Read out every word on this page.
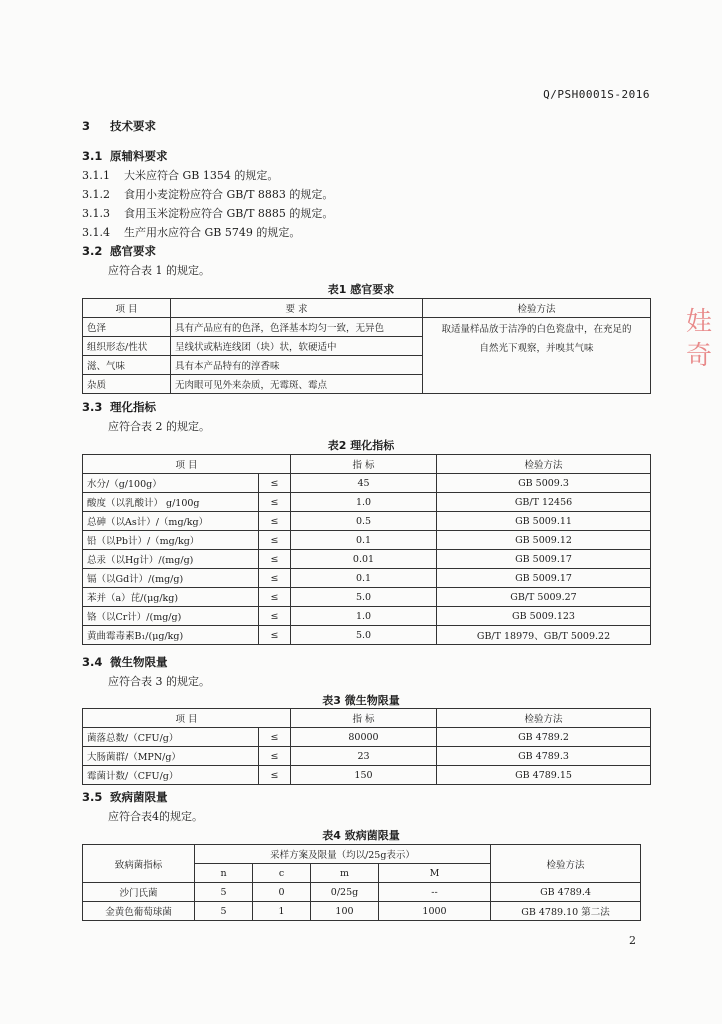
Q/PSH0001S-2016
娃
奇
3 技术要求
3.1 原辅料要求
3.1.1 大米应符合 GB 1354 的规定。
3.1.2 食用小麦淀粉应符合 GB/T 8883 的规定。
3.1.3 食用玉米淀粉应符合 GB/T 8885 的规定。
3.1.4 生产用水应符合 GB 5749 的规定。
3.2 感官要求
应符合表 1 的规定。
表1 感官要求
项 目	要 求	检验方法
色泽	具有产品应有的色泽，色泽基本均匀一致，无异色	取适量样品放于洁净的白色瓷盘中，在充足的
自然光下观察，并嗅其气味

组织形态/性状	呈线状或粘连线团（块）状，软硬适中	
滋、气味	具有本产品特有的淳香味	
杂质	无肉眼可见外来杂质，无霉斑、霉点	
3.3 理化指标
应符合表 2 的规定。
表2 理化指标
项 目		指 标	检验方法
水分/（g/100g）	≤	45	GB 5009.3
酸度（以乳酸计） g/100g	≤	1.0	GB/T 12456
总砷（以As计）/（mg/kg）	≤	0.5	GB 5009.11
铅（以Pb计）/（mg/kg）	≤	0.1	GB 5009.12
总汞（以Hg计）/(mg/g)	≤	0.01	GB 5009.17
镉（以Gd计）/(mg/g)	≤	0.1	GB 5009.17
苯并（a）芘/(μg/kg)	≤	5.0	GB/T 5009.27
铬（以Cr计）/(mg/g)	≤	1.0	GB 5009.123
黄曲霉毒素B₁/(μg/kg)	≤	5.0	GB/T 18979、GB/T 5009.22
3.4 微生物限量
应符合表 3 的规定。
表3 微生物限量
项 目		指 标	检验方法
菌落总数/（CFU/g）	≤	80000	GB 4789.2
大肠菌群/（MPN/g）	≤	23	GB 4789.3
霉菌计数/（CFU/g）	≤	150	GB 4789.15
3.5 致病菌限量
应符合表4的规定。
表4 致病菌限量
致病菌指标	采样方案及限量（均以/25g表示）				检验方法
	n	c	m	M	
沙门氏菌	5	0	0/25g	--	GB 4789.4
金黄色葡萄球菌	5	1	100	1000	GB 4789.10 第二法
2
